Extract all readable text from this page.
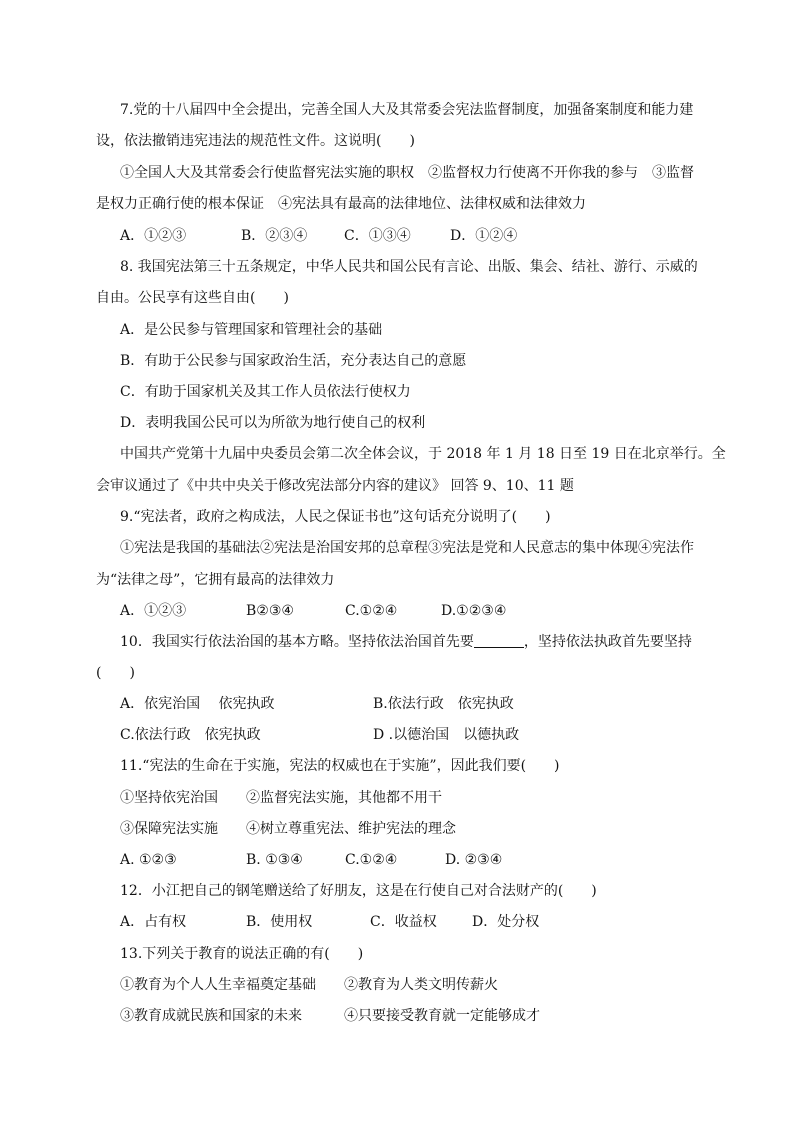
7.党的十八届四中全会提出，完善全国人大及其常委会宪法监督制度，加强备案制度和能力建
设，依法撤销违宪违法的规范性文件。这说明(　　)
①全国人大及其常委会行使监督宪法实施的职权　②监督权力行使离不开你我的参与　③监督
是权力正确行使的根本保证　④宪法具有最高的法律地位、法律权威和法律效力
A．①②③	B．②③④	C．①③④	D．①②④
8. 我国宪法第三十五条规定，中华人民共和国公民有言论、出版、集会、结社、游行、示威的
自由。公民享有这些自由(　　)
A．是公民参与管理国家和管理社会的基础
B．有助于公民参与国家政治生活，充分表达自己的意愿
C．有助于国家机关及其工作人员依法行使权力
D．表明我国公民可以为所欲为地行使自己的权利
中国共产党第十九届中央委员会第二次全体会议，于 2018 年 1 月 18 日至 19 日在北京举行。全
会审议通过了《中共中央关于修改宪法部分内容的建议》 回答 9、10、11 题
9.“宪法者，政府之构成法，人民之保证书也”这句话充分说明了(　　)
①宪法是我国的基础法②宪法是治国安邦的总章程③宪法是党和人民意志的集中体现④宪法作
为“法律之母”，它拥有最高的法律效力
A．①②③	B②③④	C.①②④	D.①②③④
10．我国实行依法治国的基本方略。坚持依法治国首先要	，坚持依法执政首先要坚持
(　　)
A．依宪治国　 依宪执政	B.依法行政　依宪执政
C.依法行政　依宪执政	D .以德治国　以德执政
11.“宪法的生命在于实施，宪法的权威也在于实施”，因此我们要(　　)
①坚持依宪治国　　②监督宪法实施，其他都不用干
③保障宪法实施　　④树立尊重宪法、维护宪法的理念
A. ①②③	B. ①③④	C.①②④	D. ②③④
12．小江把自己的钢笔赠送给了好朋友，这是在行使自己对合法财产的(　　)
A．占有权	B．使用权	C．收益权	D．处分权
13.下列关于教育的说法正确的有(　　)
①教育为个人人生幸福奠定基础　　②教育为人类文明传薪火
③教育成就民族和国家的未来　　　④只要接受教育就一定能够成才
